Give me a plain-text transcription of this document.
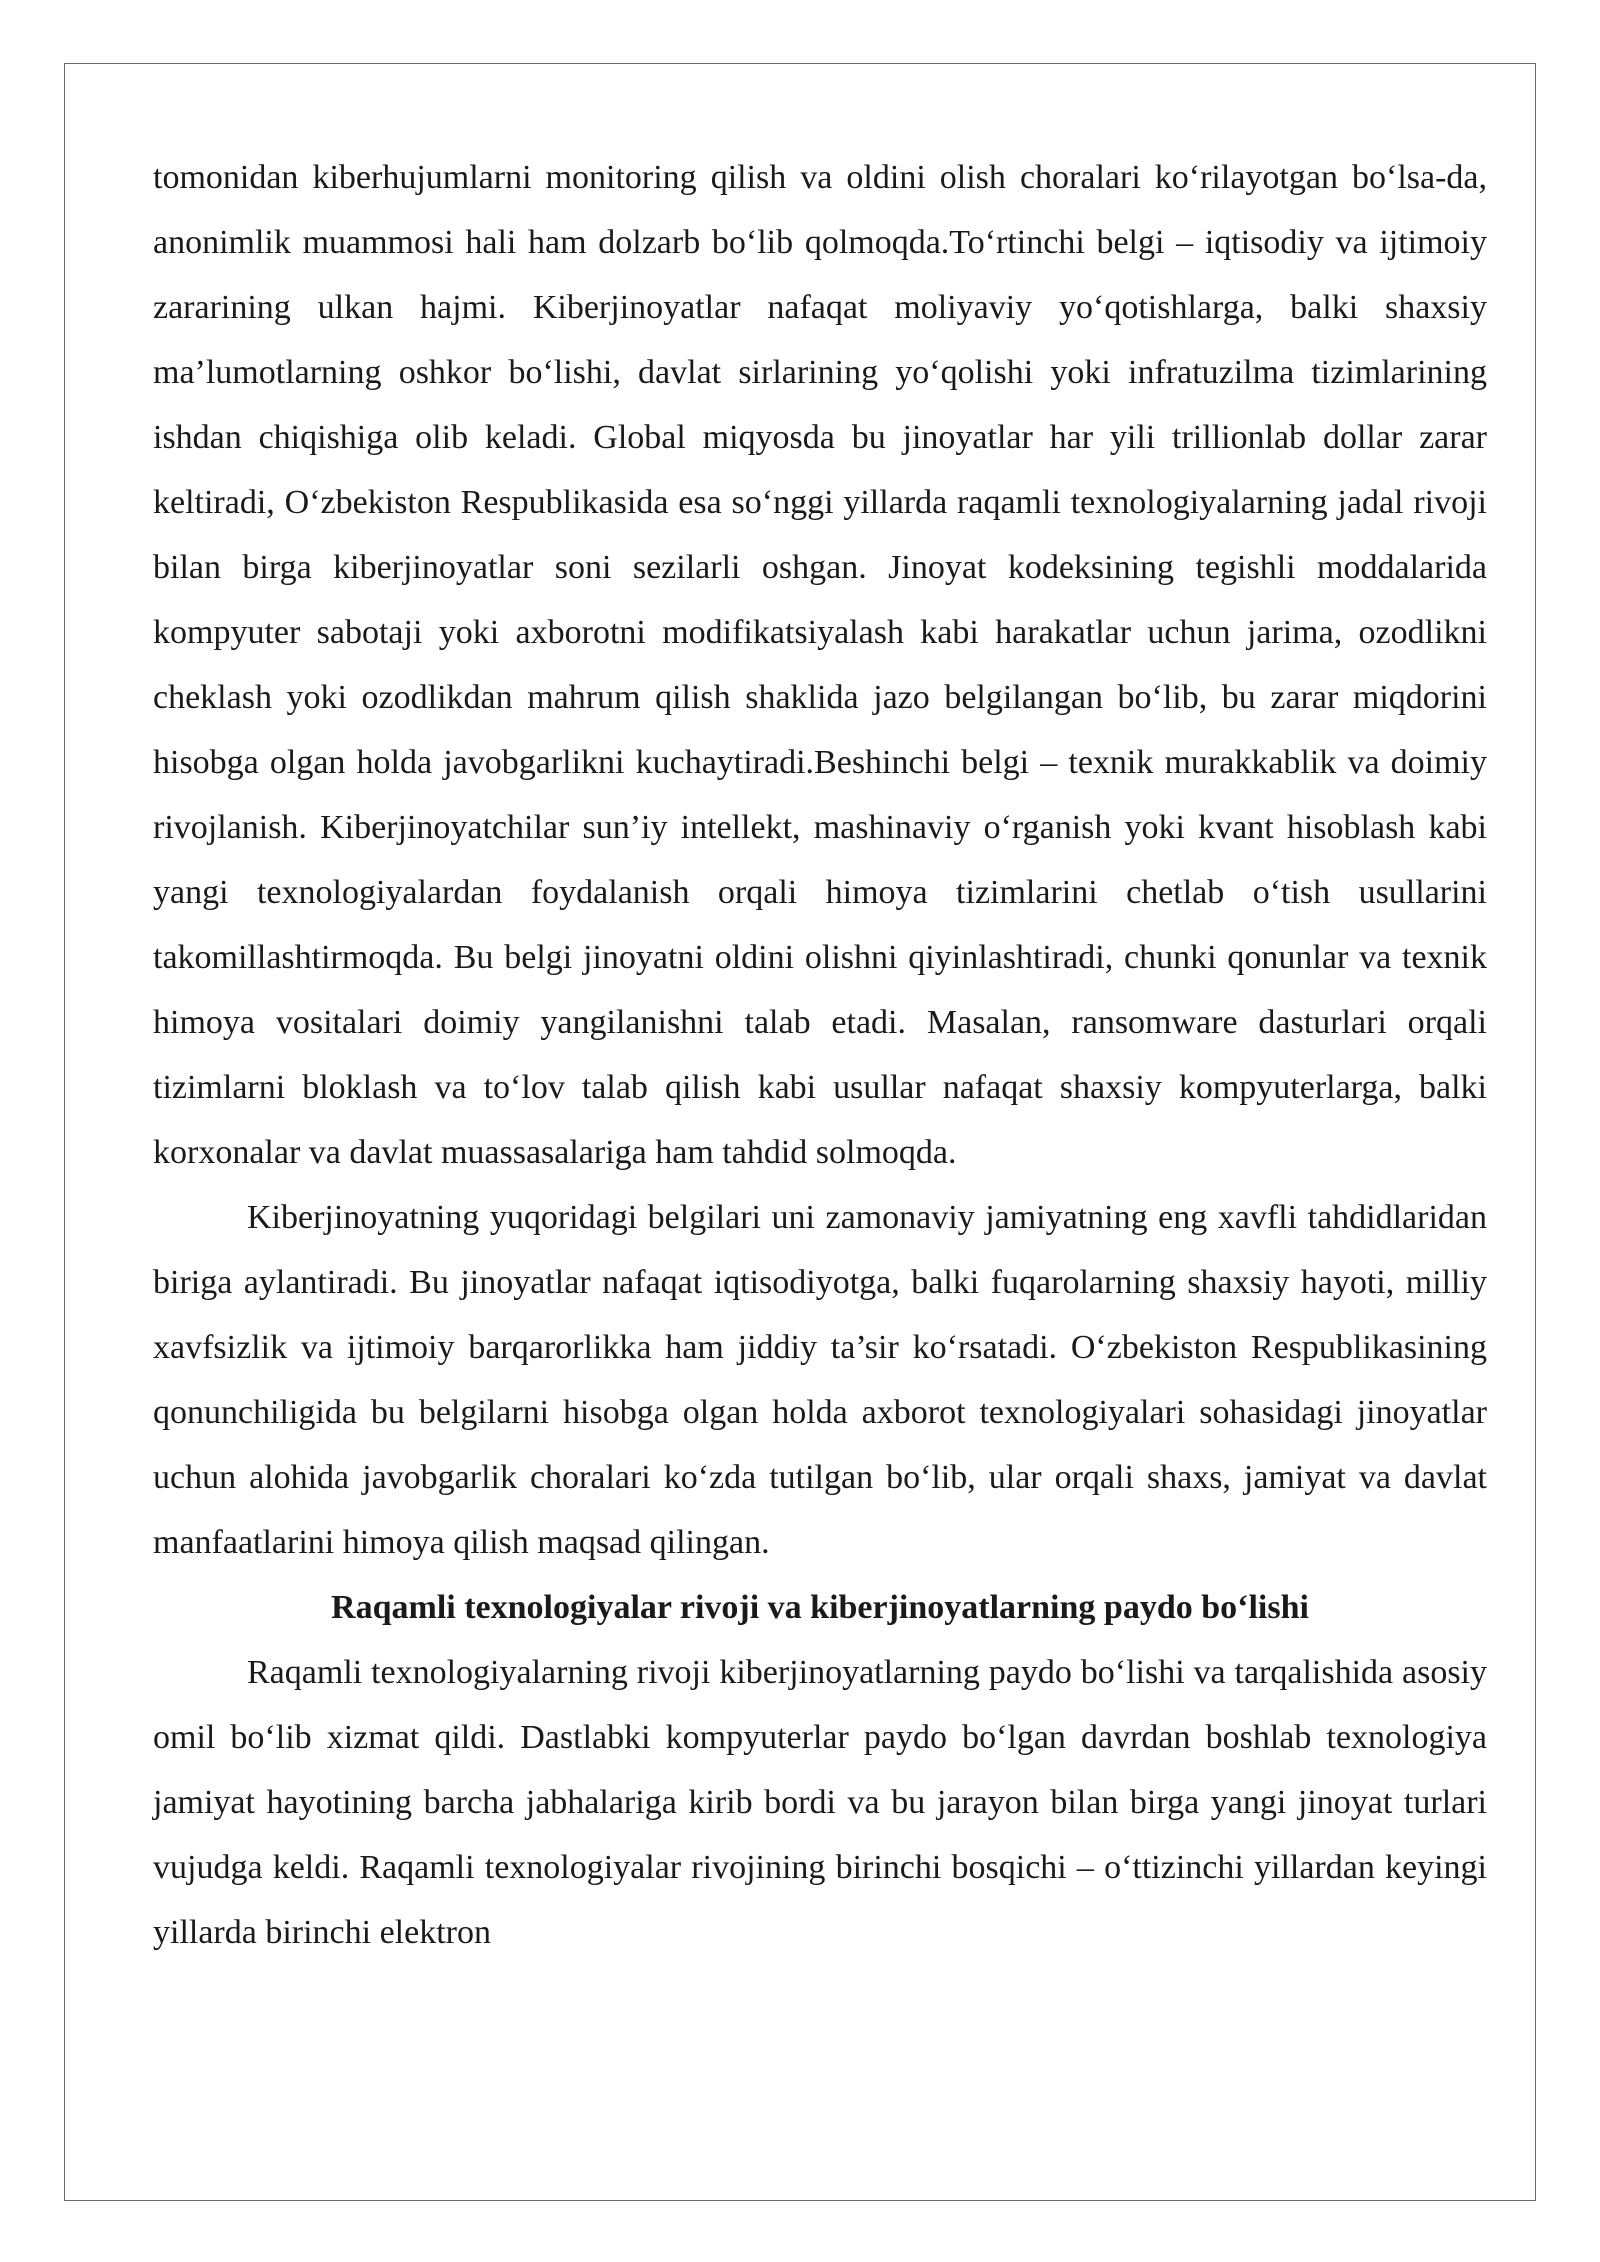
tomonidan kiberhujumlarni monitoring qilish va oldini olish choralari koʻrilayotgan boʻlsa-da, anonimlik muammosi hali ham dolzarb boʻlib qolmoqda.Toʻrtinchi belgi – iqtisodiy va ijtimoiy zararining ulkan hajmi. Kiberjinoyatlar nafaqat moliyaviy yoʻqotishlarga, balki shaxsiy ma’lumotlarning oshkor boʻlishi, davlat sirlarining yoʻqolishi yoki infratuzilma tizimlarining ishdan chiqishiga olib keladi. Global miqyosda bu jinoyatlar har yili trillionlab dollar zarar keltiradi, Oʻzbekiston Respublikasida esa soʻnggi yillarda raqamli texnologiyalarning jadal rivoji bilan birga kiberjinoyatlar soni sezilarli oshgan. Jinoyat kodeksining tegishli moddalarida kompyuter sabotaji yoki axborotni modifikatsiyalash kabi harakatlar uchun jarima, ozodlikni cheklash yoki ozodlikdan mahrum qilish shaklida jazo belgilangan boʻlib, bu zarar miqdorini hisobga olgan holda javobgarlikni kuchaytiradi.Beshinchi belgi – texnik murakkablik va doimiy rivojlanish. Kiberjinoyatchilar sun’iy intellekt, mashinaviy oʻrganish yoki kvant hisoblash kabi yangi texnologiyalardan foydalanish orqali himoya tizimlarini chetlab oʻtish usullarini takomillashtirmoqda. Bu belgi jinoyatni oldini olishni qiyinlashtiradi, chunki qonunlar va texnik himoya vositalari doimiy yangilanishni talab etadi. Masalan, ransomware dasturlari orqali tizimlarni bloklash va toʻlov talab qilish kabi usullar nafaqat shaxsiy kompyuterlarga, balki korxonalar va davlat muassasalariga ham tahdid solmoqda.

Kiberjinoyatning yuqoridagi belgilari uni zamonaviy jamiyatning eng xavfli tahdidlaridan biriga aylantiradi. Bu jinoyatlar nafaqat iqtisodiyotga, balki fuqarolarning shaxsiy hayoti, milliy xavfsizlik va ijtimoiy barqarorlikka ham jiddiy ta’sir koʻrsatadi. Oʻzbekiston Respublikasining qonunchiligida bu belgilarni hisobga olgan holda axborot texnologiyalari sohasidagi jinoyatlar uchun alohida javobgarlik choralari koʻzda tutilgan boʻlib, ular orqali shaxs, jamiyat va davlat manfaatlarini himoya qilish maqsad qilingan.

Raqamli texnologiyalar rivoji va kiberjinoyatlarning paydo boʻlishi

Raqamli texnologiyalarning rivoji kiberjinoyatlarning paydo boʻlishi va tarqalishida asosiy omil boʻlib xizmat qildi. Dastlabki kompyuterlar paydo boʻlgan davrdan boshlab texnologiya jamiyat hayotining barcha jabhalariga kirib bordi va bu jarayon bilan birga yangi jinoyat turlari vujudga keldi. Raqamli texnologiyalar rivojining birinchi bosqichi – oʻttizinchi yillardan keyingi yillarda birinchi elektron
